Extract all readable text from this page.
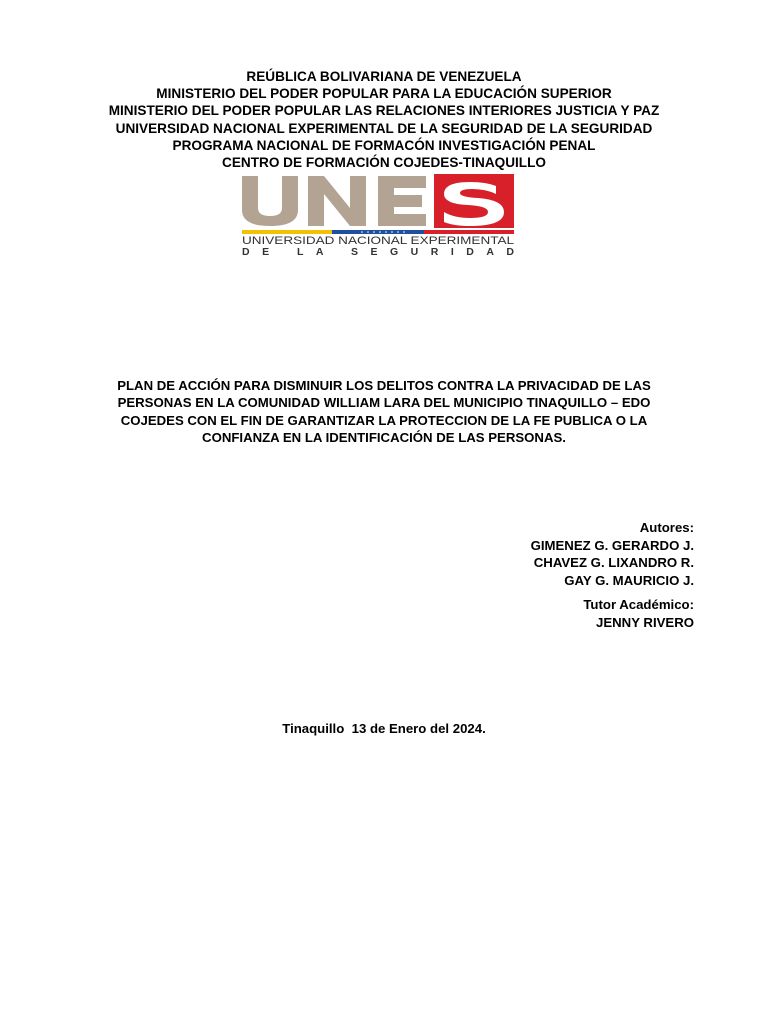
REÚBLICA BOLIVARIANA DE VENEZUELA
MINISTERIO DEL PODER POPULAR PARA LA EDUCACIÓN SUPERIOR
MINISTERIO DEL PODER POPULAR LAS RELACIONES INTERIORES JUSTICIA Y PAZ
UNIVERSIDAD NACIONAL EXPERIMENTAL DE LA SEGURIDAD DE LA SEGURIDAD
PROGRAMA NACIONAL DE FORMACÓN INVESTIGACIÓN PENAL
CENTRO DE FORMACIÓN COJEDES-TINAQUILLO
UNIVERSIDAD NACIONAL EXPERIMENTAL
DE LA SEGURIDAD
PLAN DE ACCIÓN PARA DISMINUIR LOS DELITOS CONTRA LA PRIVACIDAD DE LAS
PERSONAS EN LA COMUNIDAD WILLIAM LARA DEL MUNICIPIO TINAQUILLO – EDO
COJEDES CON EL FIN DE GARANTIZAR LA PROTECCION DE LA FE PUBLICA O LA
CONFIANZA EN LA IDENTIFICACIÓN DE LAS PERSONAS.
Autores:
GIMENEZ G. GERARDO J.
CHAVEZ G. LIXANDRO R.
GAY G. MAURICIO J.
Tutor Académico:
JENNY RIVERO
Tinaquillo  13 de Enero del 2024.
